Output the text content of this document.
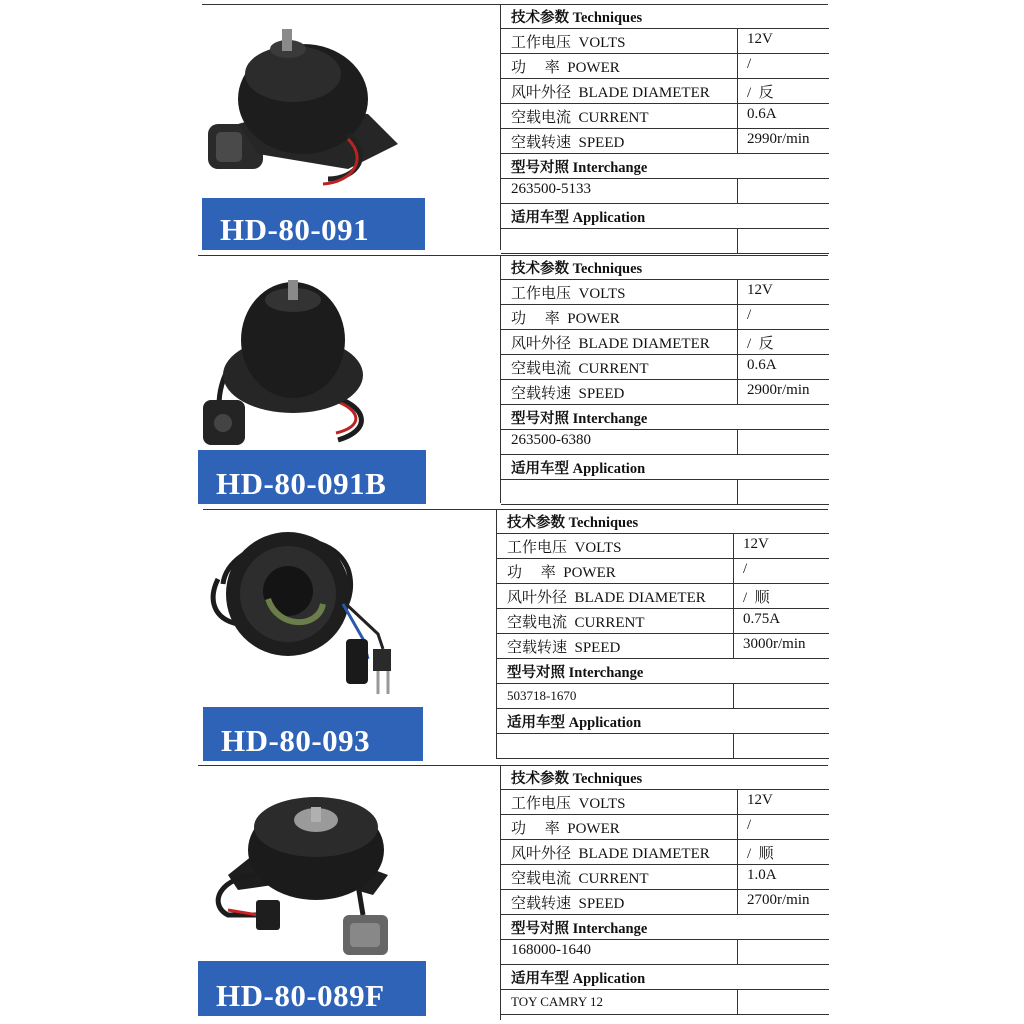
HD-80-091
技术参数 Techniques
工作电压  VOLTS	12V
功     率  POWER	/
风叶外径  BLADE DIAMETER /  反
空载电流  CURRENT	0.6A
空载转速  SPEED	2990r/min
型号对照 Interchange
263500-5133
适用车型 Application
HD-80-091B
技术参数 Techniques
工作电压  VOLTS	12V
功     率  POWER	/
风叶外径  BLADE DIAMETER /  反
空载电流  CURRENT	0.6A
空载转速  SPEED	2900r/min
型号对照 Interchange
263500-6380
适用车型 Application
HD-80-093
技术参数 Techniques
工作电压  VOLTS	12V
功     率  POWER	/
风叶外径  BLADE DIAMETER /  顺
空载电流  CURRENT	0.75A
空载转速  SPEED	3000r/min
型号对照 Interchange
503718-1670
适用车型 Application
HD-80-089F
技术参数 Techniques
工作电压  VOLTS	12V
功     率  POWER	/
风叶外径  BLADE DIAMETER /  顺
空载电流  CURRENT	1.0A
空载转速  SPEED	2700r/min
型号对照 Interchange
168000-1640
适用车型 Application
TOY CAMRY 12
